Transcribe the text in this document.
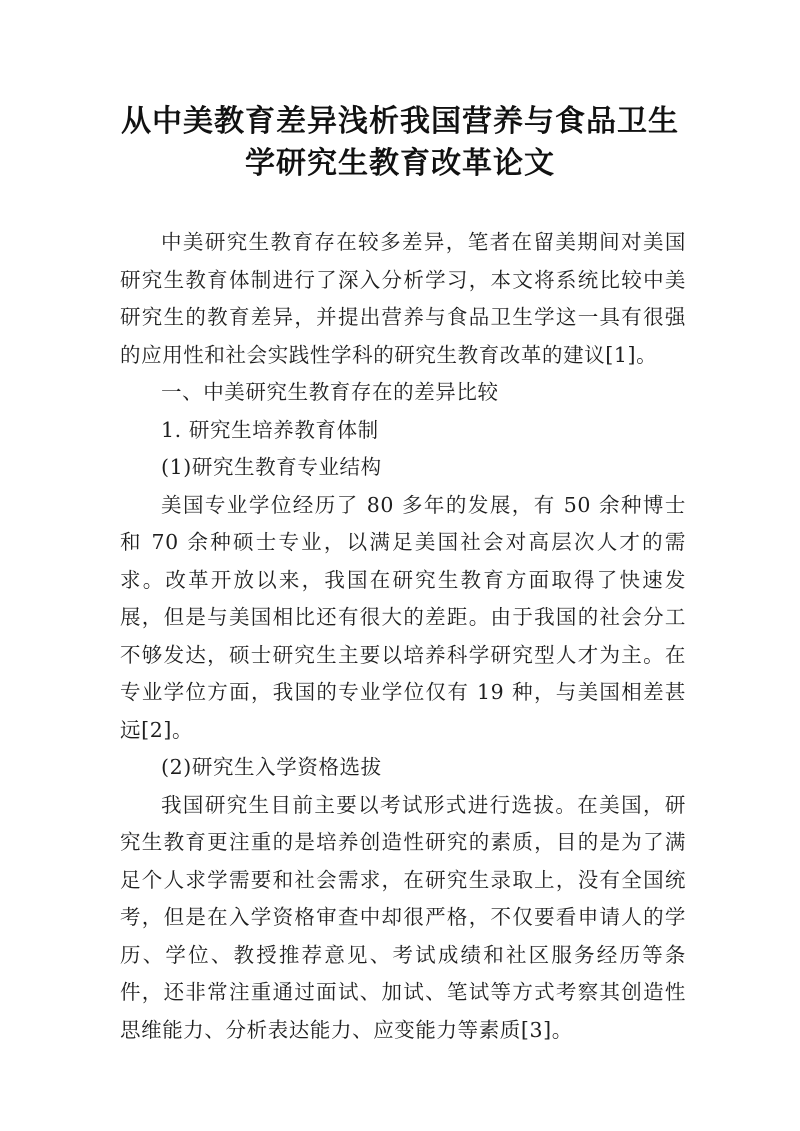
从中美教育差异浅析我国营养与食品卫生
学研究生教育改革论文

中美研究生教育存在较多差异，笔者在留美期间对美国研究生教育体制进行了深入分析学习，本文将系统比较中美研究生的教育差异，并提出营养与食品卫生学这一具有很强的应用性和社会实践性学科的研究生教育改革的建议[1]。

一、中美研究生教育存在的差异比较

1. 研究生培养教育体制

(1)研究生教育专业结构

美国专业学位经历了 80 多年的发展，有 50 余种博士和 70 余种硕士专业，以满足美国社会对高层次人才的需求。改革开放以来，我国在研究生教育方面取得了快速发展，但是与美国相比还有很大的差距。由于我国的社会分工不够发达，硕士研究生主要以培养科学研究型人才为主。在专业学位方面，我国的专业学位仅有 19 种，与美国相差甚远[2]。

(2)研究生入学资格选拔

我国研究生目前主要以考试形式进行选拔。在美国，研究生教育更注重的是培养创造性研究的素质，目的是为了满足个人求学需要和社会需求，在研究生录取上，没有全国统考，但是在入学资格审查中却很严格，不仅要看申请人的学历、学位、教授推荐意见、考试成绩和社区服务经历等条件，还非常注重通过面试、加试、笔试等方式考察其创造性思维能力、分析表达能力、应变能力等素质[3]。
